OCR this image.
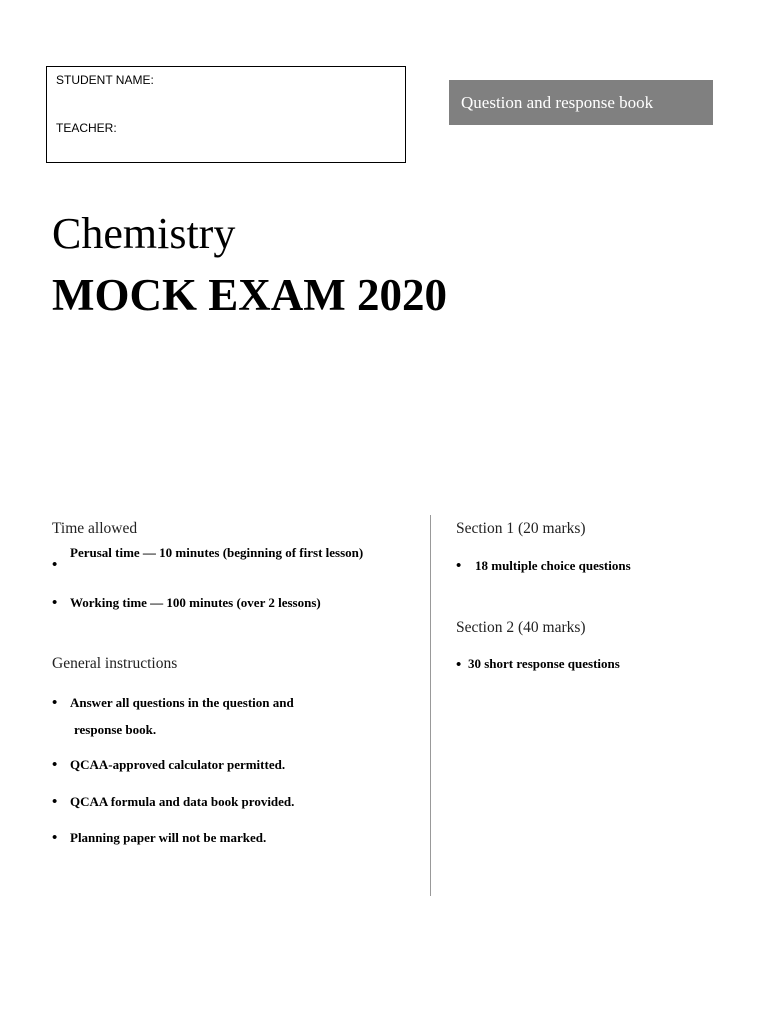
STUDENT NAME:
TEACHER:
Question and response book
Chemistry
MOCK EXAM 2020
Time allowed
•
Perusal time — 10 minutes (beginning of first lesson)
• Working time — 100 minutes (over 2 lessons)
General instructions
• Answer all questions in the question and
response book.
• QCAA-approved calculator permitted.
• QCAA formula and data book provided.
• Planning paper will not be marked.
Section 1 (20 marks)
• 18 multiple choice questions
Section 2 (40 marks)
• 30 short response questions
